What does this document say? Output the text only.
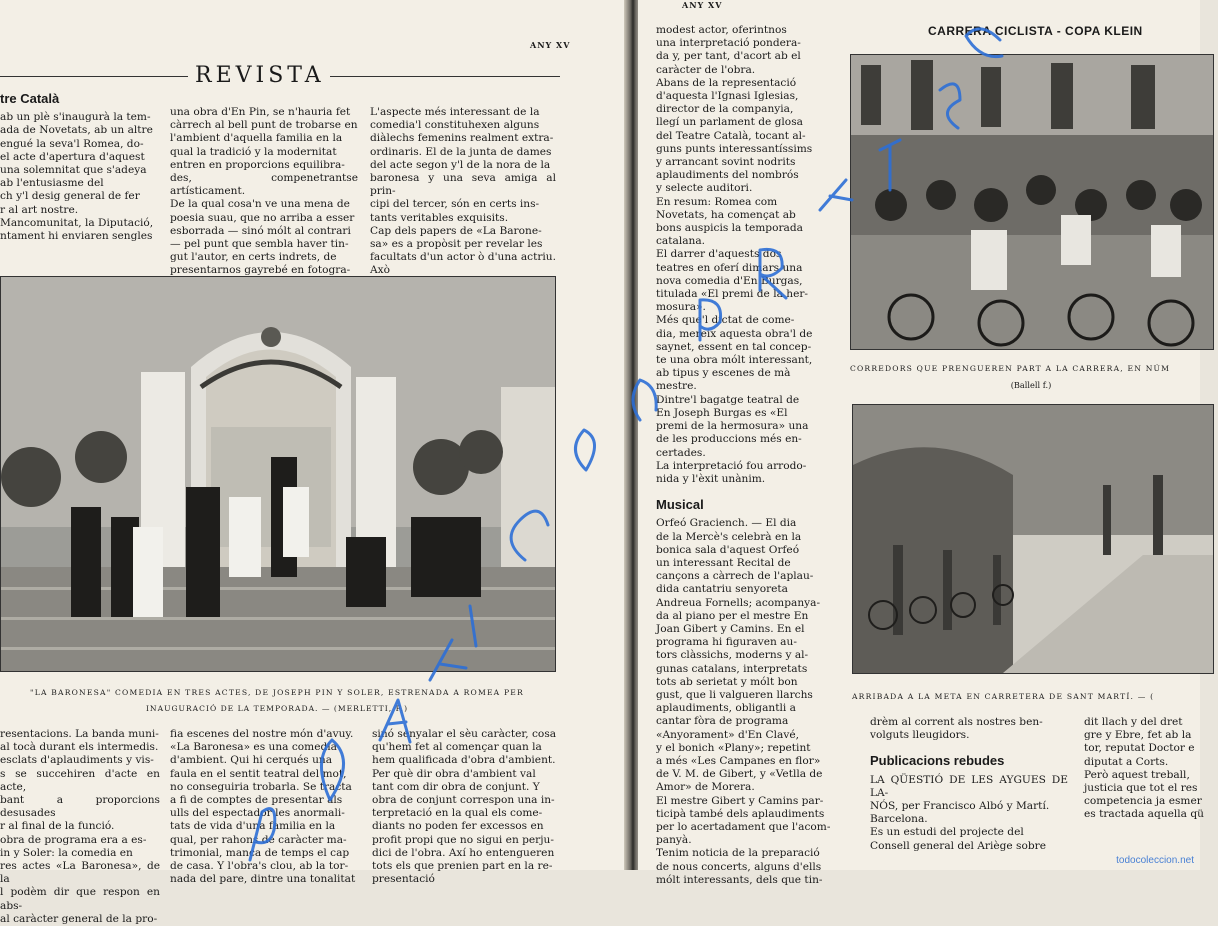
ANY XV
REVISTA
tre Català
ab un plè s'inaugurà la tem-
ada de Novetats, ab un altre
engué la seva'l Romea, do-
el acte d'apertura d'aquest
una solemnitat que s'adeya
ab l'entusiasme del
ch y'l desig general de fer
r al art nostre.
Mancomunitat, la Diputació,
ntament hi enviaren sengles
una obra d'En Pin, se n'hauria fet
càrrech al bell punt de trobarse en
l'ambient d'aquella familia en la
qual la tradició y la modernitat
entren en proporcions equilibra-
des, compenetrantse artísticament.
De la qual cosa'n ve una mena de
poesia suau, que no arriba a esser
esborrada — sinó mólt al contrari
— pel punt que sembla haver tin-
gut l'autor, en certs indrets, de
presentarnos gayrebé en fotogra-
L'aspecte més interessant de la
comedia'l constituhexen alguns
diàlechs femenins realment extra-
ordinaris. El de la junta de dames
del acte segon y'l de la nora de la
baronesa y una seva amiga al prin-
cipi del tercer, són en certs ins-
tants veritables exquisits.
Cap dels papers de «La Barone-
sa» es a propòsit per revelar les
facultats d'un actor ò d'una actriu. Axò
"LA BARONESA" COMEDIA EN TRES ACTES, DE JOSEPH PIN Y SOLER, ESTRENADA A ROMEA PER
INAUGURACIÓ DE LA TEMPORADA. — (MERLETTI, F.)
resentacions. La banda muni-
al tocà durant els intermedis.
esclats d'aplaudiments y vis-
s se succehiren d'acte en acte,
bant a proporcions desusades
r al final de la funció.
obra de programa era a es-
in y Soler: la comedia en
res actes «La Baronesa», de la
l podèm dir que respon en abs-
al caràcter general de la pro-
fia escenes del nostre món d'avuy.
«La Baronesa» es una comedia
d'ambient. Qui hi cerqués una
faula en el sentit teatral del mot,
no conseguiria trobarla. Se tracta
a fi de comptes de presentar als
ulls del espectador les anormali-
tats de vida d'una familia en la
qual, per rahons de caràcter ma-
trimonial, manca de temps el cap
de casa. Y l'obra's clou, ab la tor-
nada del pare, dintre una tonalitat
sinó senyalar el sèu caràcter, cosa
qu'hem fet al començar quan la
hem qualificada d'obra d'ambient.
Per què dir obra d'ambient val
tant com dir obra de conjunt. Y
obra de conjunt correspon una in-
terpretació en la qual els come-
diants no poden fer excessos en
profit propi que no sigui en perju-
dici de l'obra. Axí ho entengueren
tots els que prenien part en la re-
presentació
ANY XV
CARRERA CICLISTA - COPA KLEIN
modest actor, oferintnos
una interpretació pondera-
da y, per tant, d'acort ab el
caràcter de l'obra.
Abans de la representació
d'aquesta l'Ignasi Iglesias,
director de la companyia,
llegí un parlament de glosa
del Teatre Català, tocant al-
guns punts interessantíssims
y arrancant sovint nodrits
aplaudiments del nombrós
y selecte auditori.
En resum: Romea com
Novetats, ha començat ab
bons auspicis la temporada
catalana.
El darrer d'aquests dos
teatres en oferí dimars una
nova comedia d'En Burgas,
titulada «El premi de la her-
mosura».
Més que'l dictat de come-
dia, mereix aquesta obra'l de
saynet, essent en tal concep-
te una obra mólt interessant,
ab tipus y escenes de mà
mestre.
Dintre'l bagatge teatral de
En Joseph Burgas es «El
premi de la hermosura» una
de les produccions més en-
certades.
La interpretació fou arrodo-
nida y l'èxit unànim.
Musical
Orfeó Graciench. — El dia
de la Mercè's celebrà en la
bonica sala d'aquest Orfeó
un interessant Recital de
cançons a càrrech de l'aplau-
dida cantatriu senyoreta
Andreua Fornells; acompanya-
da al piano per el mestre En
Joan Gibert y Camins. En el
programa hi figuraven au-
tors clàssichs, moderns y al-
gunas catalans, interpretats
tots ab serietat y mólt bon
gust, que li valgueren llarchs
aplaudiments, obligantli a
cantar fòra de programa
«Anyorament» d'En Clavé,
y el bonich «Plany»; repetint
a més «Les Campanes en flor»
de V. M. de Gibert, y «Vetlla de
Amor» de Morera.
El mestre Gibert y Camins par-
ticipà també dels aplaudiments
per lo acertadament que l'acom-
panyà.
Tenim noticia de la preparació
de nous concerts, alguns d'ells
mólt interessants, dels que tin-
CORREDORS QUE PRENGUEREN PART A LA CARRERA, EN NÚM
(Ballell f.)
ARRIBADA A LA META EN CARRETERA DE SANT MARTÍ. — (
drèm al corrent als nostres ben-
volguts lleugidors.
Publicacions rebudes
LA QÜESTIÓ DE LES AYGUES DE LA-
NÓS, per Francisco Albó y Martí.
Barcelona.
Es un estudi del projecte del
Consell general del Ariège sobre
dit llach y del dret
gre y Ebre, fet ab la
tor, reputat Doctor e
diputat a Corts.
Però aquest treball,
justicia que tot el res
competencia ja esmer
es tractada aquella qü
todocoleccion.net
